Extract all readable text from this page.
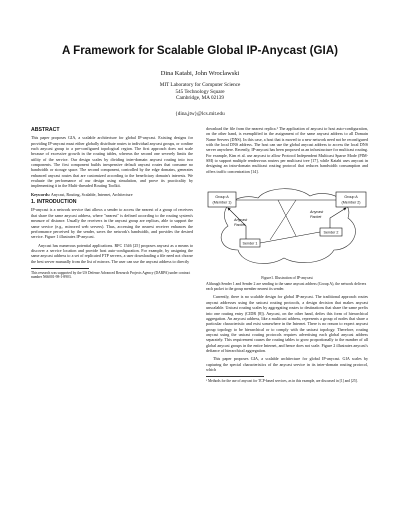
A Framework for Scalable Global IP-Anycast (GIA)
Dina Katabi, John Wroclawski
MIT Laboratory for Computer Science
545 Technology Square
Cambridge, MA 02139
{dina,jtw}@lcs.mit.edu
ABSTRACT
This paper proposes GIA, a scalable architecture for global IP-anycast. Existing designs for providing IP-anycast must either globally distribute routes to individual anycast groups, or confine each anycast group to a pre-configured topological region. The first approach does not scale because of excessive growth in the routing tables, whereas the second one severely limits the utility of the service. Our design scales by dividing inter-domain anycast routing into two components. The first component builds inexpensive default anycast routes that consume no bandwidth or storage space. The second component, controlled by the edge domains, generates enhanced anycast routes that are customized according to the beneficiary domain's interests. We evaluate the performance of our design using simulation, and prove its practicality by implementing it in the Multi-threaded Routing Toolkit.
Keywords: Anycast, Routing, Scalable, Internet, Architecture
1. INTRODUCTION
IP-anycast is a network service that allows a sender to access the nearest of a group of receivers that share the same anycast address, where "nearest" is defined according to the routing system's measure of distance. Usually the receivers in the anycast group are replicas, able to support the same service (e.g., mirrored web servers). Thus, accessing the nearest receiver enhances the performance perceived by the sender, saves the network's bandwidth, and provides the desired service. Figure 1 illustrates IP-anycast.
Anycast has numerous potential applications. RFC 1546 [25] proposes anycast as a means to discover a service location and provide host auto-configuration. For example, by assigning the same anycast address to a set of replicated FTP servers, a user downloading a file need not choose the best server manually from the list of mirrors. The user can use the anycast address to directly
This research was supported by the US Defense Advanced Research Projects Agency (DARPA) under contract number N66001-98-1-8903.
download the file from the nearest replica.¹ The application of anycast to host auto-configuration, on the other hand, is exemplified in the assignment of the same anycast address to all Domain Name Servers (DNS). In this case, a host that is moved to a new network need not be reconfigured with the local DNS address. The host can use the global anycast address to access the local DNS server anywhere. Recently, IP-anycast has been proposed as an infrastructure for multicast routing. For example, Kim et al. use anycast to allow Protocol Independent Multicast Sparse Mode (PIM-SM) to support multiple rendezvous routers per multicast tree [17], while Katabi uses anycast in designing an intra-domain multicast routing protocol that reduces bandwidth consumption and offers traffic concentration [14].
Group A
(Member 1)
Group A
(Member 2)
Anycast
Packet
Anycast
Packet
Sender 1
Sender 2
Figure1. Illustration of IP-anycast
Although Sender 1 and Sender 2 are sending to the same anycast address (Group A), the network delivers each packet to the group member nearest its sender.
Currently, there is no scalable design for global IP-anycast. The traditional approach routes anycast addresses using the unicast routing protocols, a design decision that makes anycast unscalable. Unicast routing scales by aggregating routes to destinations that share the same prefix into one routing entry (CIDR [8]). Anycast, on the other hand, defies this form of hierarchical aggregation. An anycast address, like a multicast address, represents a group of nodes that share a particular characteristic and exist somewhere in the Internet. There is no reason to expect anycast group topology to be hierarchical or to comply with the unicast topology. Therefore, routing anycast using the unicast routing protocols requires advertising each global anycast address separately. This requirement causes the routing tables to grow proportionally to the number of all global anycast groups in the entire Internet, and hence does not scale. Figure 2 illustrates anycast's defiance of hierarchical aggregation.
This paper proposes GIA, a scalable architecture for global IP-anycast. GIA scales by capturing the special characteristics of the anycast service in its inter-domain routing protocol, which
¹ Methods for the use of anycast for TCP-based services, as in this example, are discussed in [1] and [25].
